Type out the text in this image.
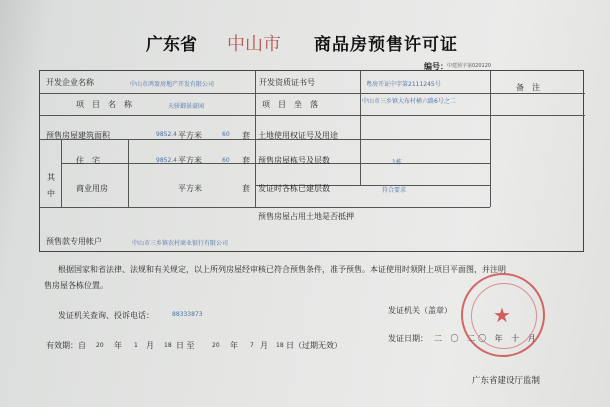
广东省 中山市 商品房预售许可证
编号： 中建预字第020120
开发企业名称	中山市鸿盈房地产开发有限公司	开发资质证书号	粤房开证中字第2111245号	备　注
项　目　名　称	天骄御景豪园	项　目　坐　落	中山市三乡镇大布村横六路6号之二
预售房屋建筑面积	9852.4 平方米	60 套 土地使用权证号及用途
其中
住　宅	9852.4 平方米	60 套 预售房屋栋号及层数	1栋
商业用房	平方米	套 发证时各栋已建层数	符合要求
预售房屋占用土地是否抵押
预售款专用帐户	中山市三乡镇农村商业银行有限公司
根据国家和省法律、法规和有关规定，以上所列房屋经审核已符合预售条件，准予预售。本证使用时须附上项目平面图，并注明
售房屋各栋位置。
发证机关查询、投诉电话：	88333873	发证机关（盖章）
有效期：自 20 年 1 月 18 日 至	20 年 7 月 18 日（过期无效）
发证日期： 二 〇 二〇 年 十 月
广东省建设厅监制
★
